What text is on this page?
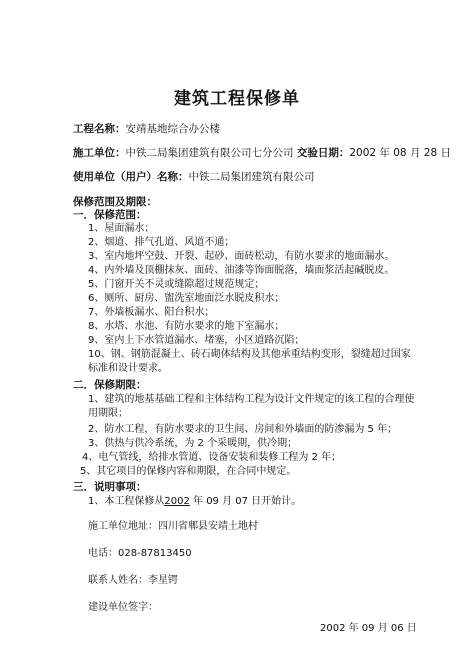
建筑工程保修单
工程名称：安靖基地综合办公楼
施工单位：中铁二局集团建筑有限公司七分公司 交验日期：2002 年 08 月 28 日
使用单位（用户）名称：中铁二局集团建筑有限公司
保修范围及期限：
一．保修范围：
1、屋面漏水；
2、烟道、排气孔道、风道不通；
3、室内地坪空鼓、开裂、起砂、面砖松动，有防水要求的地面漏水。
4、内外墙及顶棚抹灰、面砖、油漆等饰面脱落，墙面浆活起碱脱皮。
5、门窗开关不灵或缝隙超过规范规定；
6、厕所、厨房、盥洗室地面泛水脱皮积水；
7、外墙板漏水、阳台积水；
8、水塔、水池、有防水要求的地下室漏水；
9、室内上下水管道漏水、堵塞，小区道路沉陷；
10、钢、钢筋混凝土、砖石砌体结构及其他承重结构变形，裂缝超过国家标准和设计要求。
二．保修期限：
1、建筑的地基基础工程和主体结构工程为设计文件规定的该工程的合理使用期限；
2、防水工程，有防水要求的卫生间、房间和外墙面的防渗漏为 5 年；
3、供热与供冷系统，为 2 个采暖期，供冷期；
4、电气管线，给排水管道、设备安装和装修工程为 2 年；
5、其它项目的保修内容和期限，在合同中规定。
三．说明事项：
1、本工程保修从2002 年 09 月 07 日开始计。
施工单位地址：四川省郫县安靖土地村
电话：028-87813450
联系人姓名：李星锷
建设单位签字：
2002 年 09 月 06 日
